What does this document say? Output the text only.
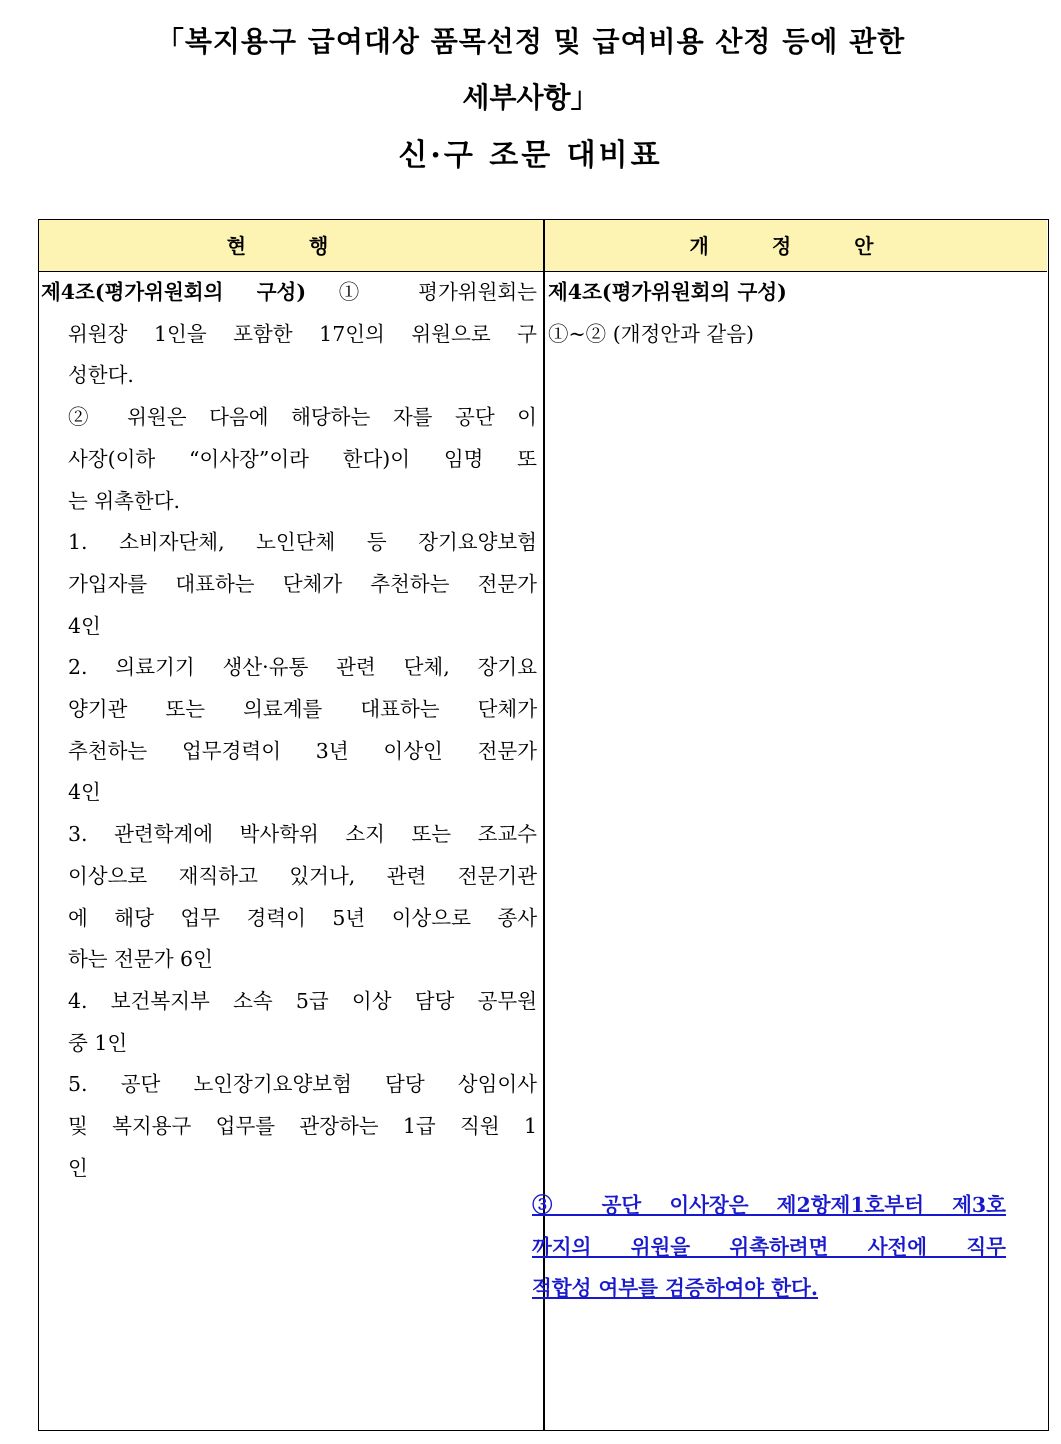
「복지용구 급여대상 품목선정 및 급여비용 산정 등에 관한
세부사항」
신·구 조문 대비표
현 행	개 정 안
제4조(평가위원회의 구성) ① 평가위원회는
위원장 1인을 포함한 17인의 위원으로 구
성한다.
② 위원은 다음에 해당하는 자를 공단 이
사장(이하 “이사장”이라 한다)이 임명 또
는 위촉한다.
1. 소비자단체, 노인단체 등 장기요양보험
가입자를 대표하는 단체가 추천하는 전문가
4인
2. 의료기기 생산·유통 관련 단체, 장기요
양기관 또는 의료계를 대표하는 단체가
추천하는 업무경력이 3년 이상인 전문가
4인
3. 관련학계에 박사학위 소지 또는 조교수
이상으로 재직하고 있거나, 관련 전문기관
에 해당 업무 경력이 5년 이상으로 종사
하는 전문가 6인
4. 보건복지부 소속 5급 이상 담당 공무원
중 1인
5. 공단 노인장기요양보험 담당 상임이사
및 복지용구 업무를 관장하는 1급 직원 1
인
제4조(평가위원회의 구성)
①~② (개정안과 같음)
③ 공단 이사장은 제2항제1호부터 제3호
까지의 위원을 위촉하려면 사전에 직무
적합성 여부를 검증하여야 한다.
